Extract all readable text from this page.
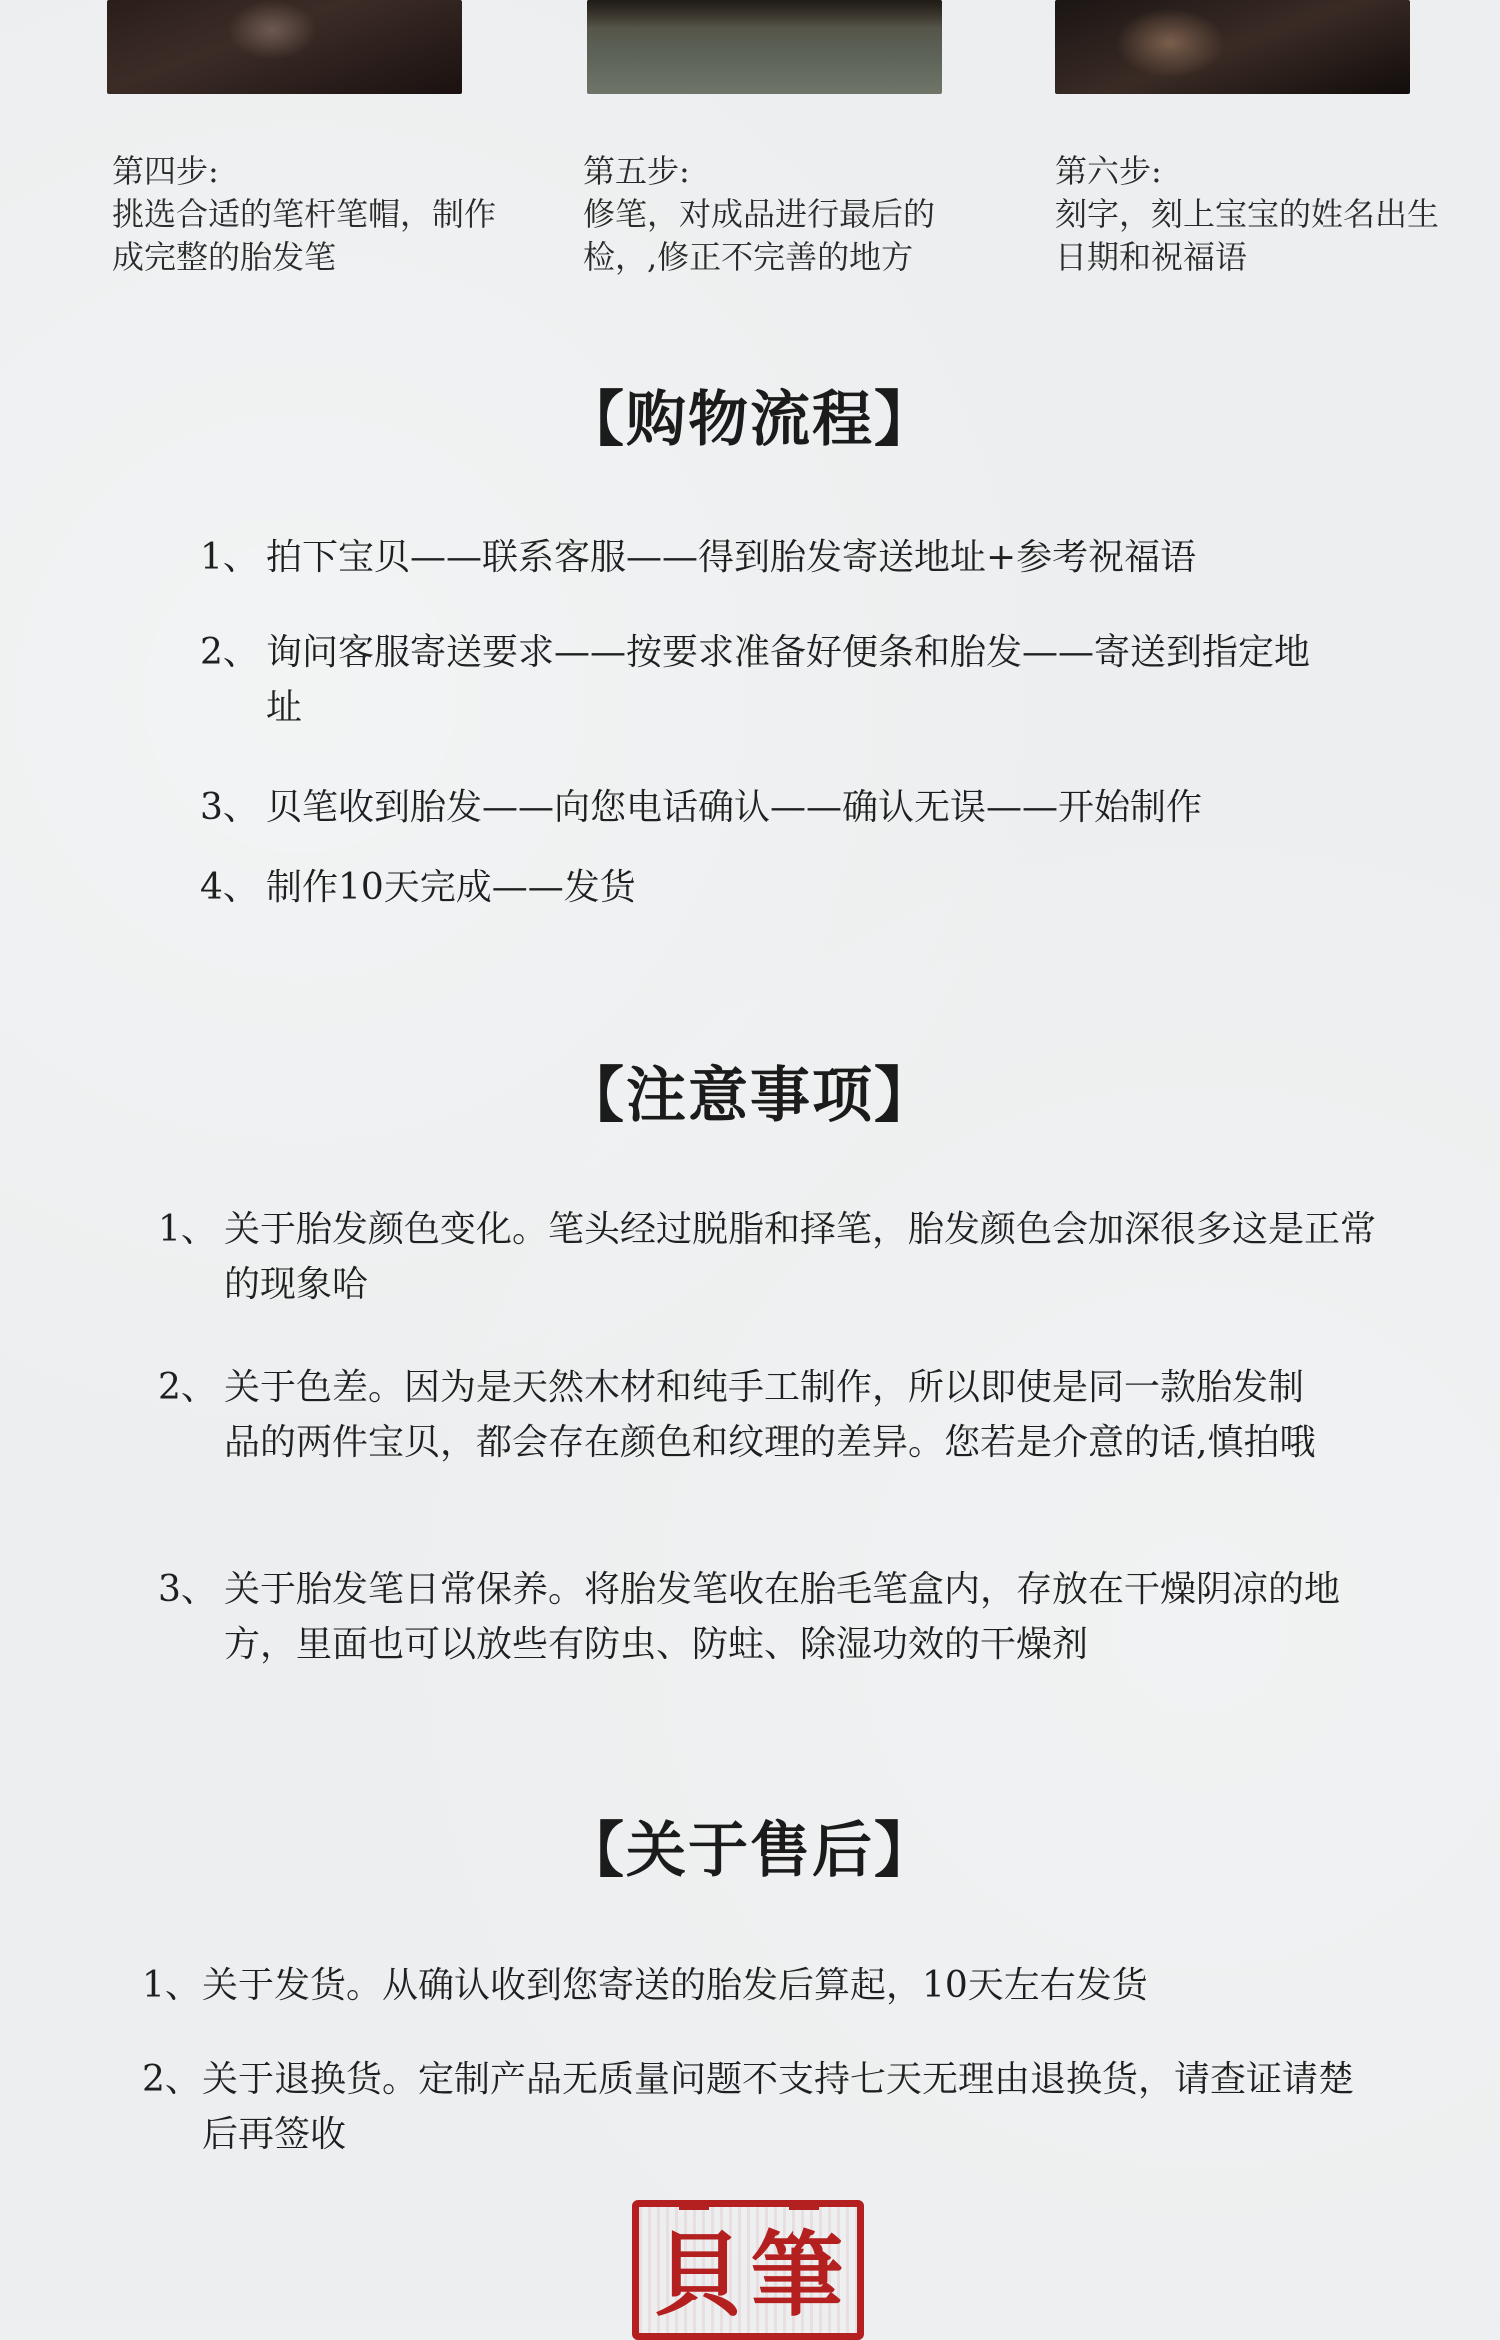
第四步:
挑选合适的笔杆笔帽，制作成完整的胎发笔
第五步:
修笔，对成品进行最后的检，,修正不完善的地方
第六步:
刻字，刻上宝宝的姓名出生日期和祝福语
【购物流程】
1、 拍下宝贝——联系客服——得到胎发寄送地址+参考祝福语
2、 询问客服寄送要求——按要求准备好便条和胎发——寄送到指定地址
3、 贝笔收到胎发——向您电话确认——确认无误——开始制作
4、 制作10天完成——发货
【注意事项】
1、 关于胎发颜色变化。笔头经过脱脂和择笔，胎发颜色会加深很多这是正常的现象哈
2、 关于色差。因为是天然木材和纯手工制作，所以即使是同一款胎发制品的两件宝贝，都会存在颜色和纹理的差异。您若是介意的话,慎拍哦
3、 关于胎发笔日常保养。将胎发笔收在胎毛笔盒内，存放在干燥阴凉的地方，里面也可以放些有防虫、防蛀、除湿功效的干燥剂
【关于售后】
1、 关于发货。从确认收到您寄送的胎发后算起，10天左右发货
2、 关于退换货。定制产品无质量问题不支持七天无理由退换货，请查证请楚后再签收
貝 筆
